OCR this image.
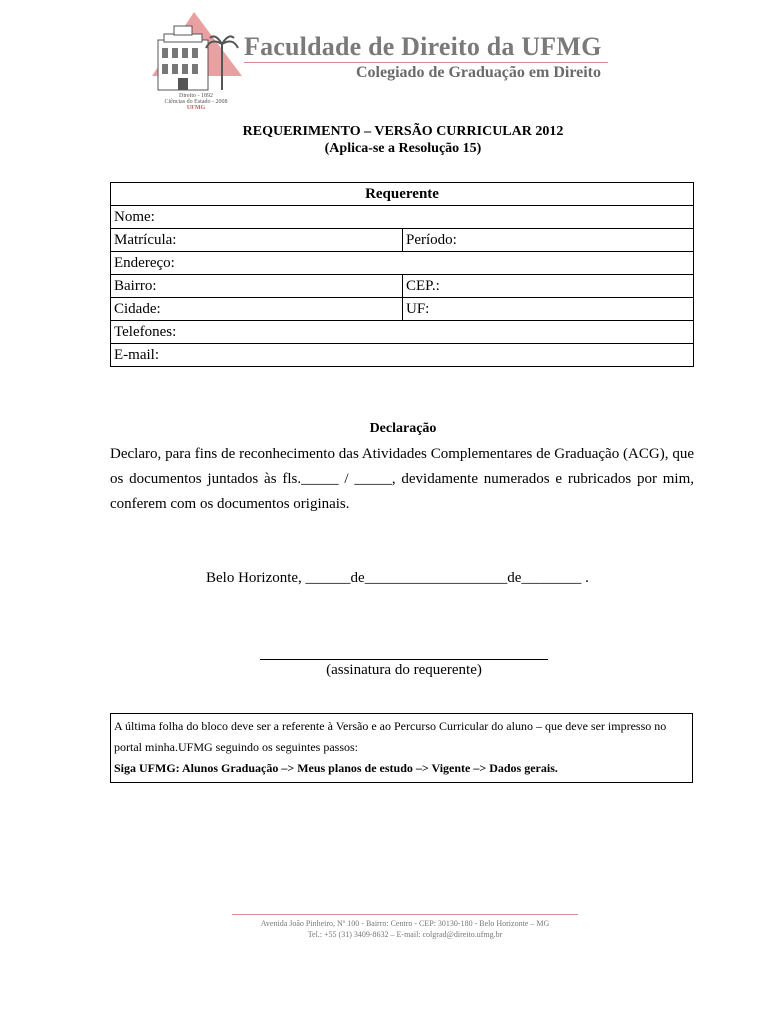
Direito - 1892
Ciências do Estado - 2008
UFMG
Faculdade de Direito da UFMG
Colegiado de Graduação em Direito
REQUERIMENTO – VERSÃO CURRICULAR 2012
(Aplica-se a Resolução 15)
Requerente	
Nome:	
Matrícula:	Período:
Endereço:	
Bairro:	CEP.:
Cidade:	UF:
Telefones:	
E-mail:	
Declaração
Declaro, para fins de reconhecimento das Atividades Complementares de Graduação (ACG), que os documentos juntados às fls._____ / _____, devidamente numerados e rubricados por mim, conferem com os documentos originais.
Belo Horizonte, ______de___________________de________ .
(assinatura do requerente)
A última folha do bloco deve ser a referente à Versão e ao Percurso Curricular do aluno – que deve ser impresso no portal minha.UFMG seguindo os seguintes passos:
Siga UFMG: Alunos Graduação –> Meus planos de estudo –> Vigente –> Dados gerais.
Avenida João Pinheiro, Nº 100 - Bairro: Centro - CEP: 30130-180 - Belo Horizonte – MG
Tel.: +55 (31) 3409-8632 – E-mail: colgrad@direito.ufmg.br
